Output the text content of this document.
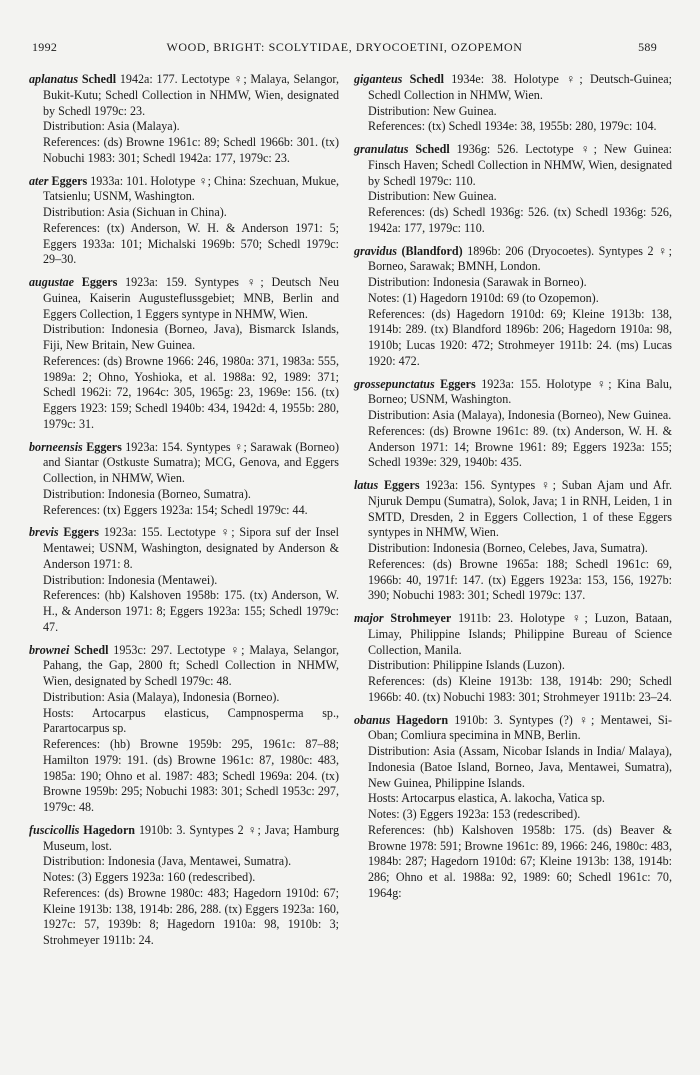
1992	WOOD, BRIGHT: SCOLYTIDAE, DRYOCOETINI, OZOPEMON	589

aplanatus Schedl 1942a: 177. Lectotype ♀; Malaya, Selangor, Bukit-Kutu; Schedl Collection in NHMW, Wien, designated by Schedl 1979c: 23.

Distribution: Asia (Malaya).

References: (ds) Browne 1961c: 89; Schedl 1966b: 301. (tx) Nobuchi 1983: 301; Schedl 1942a: 177, 1979c: 23.

ater Eggers 1933a: 101. Holotype ♀; China: Szechuan, Mukue, Tatsienlu; USNM, Washington.

Distribution: Asia (Sichuan in China).

References: (tx) Anderson, W. H. & Anderson 1971: 5; Eggers 1933a: 101; Michalski 1969b: 570; Schedl 1979c: 29–30.

augustae Eggers 1923a: 159. Syntypes ♀; Deutsch Neu Guinea, Kaiserin Augusteflussgebiet; MNB, Berlin and Eggers Collection, 1 Eggers syntype in NHMW, Wien.

Distribution: Indonesia (Borneo, Java), Bismarck Islands, Fiji, New Britain, New Guinea.

References: (ds) Browne 1966: 246, 1980a: 371, 1983a: 555, 1989a: 2; Ohno, Yoshioka, et al. 1988a: 92, 1989: 371; Schedl 1962i: 72, 1964c: 305, 1965g: 23, 1969e: 156. (tx) Eggers 1923: 159; Schedl 1940b: 434, 1942d: 4, 1955b: 280, 1979c: 31.

borneensis Eggers 1923a: 154. Syntypes ♀; Sarawak (Borneo) and Siantar (Ostkuste Sumatra); MCG, Genova, and Eggers Collection, in NHMW, Wien.

Distribution: Indonesia (Borneo, Sumatra).

References: (tx) Eggers 1923a: 154; Schedl 1979c: 44.

brevis Eggers 1923a: 155. Lectotype ♀; Sipora suf der Insel Mentawei; USNM, Washington, designated by Anderson & Anderson 1971: 8.

Distribution: Indonesia (Mentawei).

References: (hb) Kalshoven 1958b: 175. (tx) Anderson, W. H., & Anderson 1971: 8; Eggers 1923a: 155; Schedl 1979c: 47.

brownei Schedl 1953c: 297. Lectotype ♀; Malaya, Selangor, Pahang, the Gap, 2800 ft; Schedl Collection in NHMW, Wien, designated by Schedl 1979c: 48.

Distribution: Asia (Malaya), Indonesia (Borneo).

Hosts: Artocarpus elasticus, Campnosperma sp., Parartocarpus sp.

References: (hb) Browne 1959b: 295, 1961c: 87–88; Hamilton 1979: 191. (ds) Browne 1961c: 87, 1980c: 483, 1985a: 190; Ohno et al. 1987: 483; Schedl 1969a: 204. (tx) Browne 1959b: 295; Nobuchi 1983: 301; Schedl 1953c: 297, 1979c: 48.

fuscicollis Hagedorn 1910b: 3. Syntypes 2 ♀; Java; Hamburg Museum, lost.

Distribution: Indonesia (Java, Mentawei, Sumatra).

Notes: (3) Eggers 1923a: 160 (redescribed).

References: (ds) Browne 1980c: 483; Hagedorn 1910d: 67; Kleine 1913b: 138, 1914b: 286, 288. (tx) Eggers 1923a: 160, 1927c: 57, 1939b: 8; Hagedorn 1910a: 98, 1910b: 3; Strohmeyer 1911b: 24.

giganteus Schedl 1934e: 38. Holotype ♀; Deutsch-Guinea; Schedl Collection in NHMW, Wien.

Distribution: New Guinea.

References: (tx) Schedl 1934e: 38, 1955b: 280, 1979c: 104.

granulatus Schedl 1936g: 526. Lectotype ♀; New Guinea: Finsch Haven; Schedl Collection in NHMW, Wien, designated by Schedl 1979c: 110.

Distribution: New Guinea.

References: (ds) Schedl 1936g: 526. (tx) Schedl 1936g: 526, 1942a: 177, 1979c: 110.

gravidus (Blandford) 1896b: 206 (Dryocoetes). Syntypes 2 ♀; Borneo, Sarawak; BMNH, London.

Distribution: Indonesia (Sarawak in Borneo).

Notes: (1) Hagedorn 1910d: 69 (to Ozopemon).

References: (ds) Hagedorn 1910d: 69; Kleine 1913b: 138, 1914b: 289. (tx) Blandford 1896b: 206; Hagedorn 1910a: 98, 1910b; Lucas 1920: 472; Strohmeyer 1911b: 24. (ms) Lucas 1920: 472.

grossepunctatus Eggers 1923a: 155. Holotype ♀; Kina Balu, Borneo; USNM, Washington.

Distribution: Asia (Malaya), Indonesia (Borneo), New Guinea.

References: (ds) Browne 1961c: 89. (tx) Anderson, W. H. & Anderson 1971: 14; Browne 1961: 89; Eggers 1923a: 155; Schedl 1939e: 329, 1940b: 435.

latus Eggers 1923a: 156. Syntypes ♀; Suban Ajam und Afr. Njuruk Dempu (Sumatra), Solok, Java; 1 in RNH, Leiden, 1 in SMTD, Dresden, 2 in Eggers Collection, 1 of these Eggers syntypes in NHMW, Wien.

Distribution: Indonesia (Borneo, Celebes, Java, Sumatra).

References: (ds) Browne 1965a: 188; Schedl 1961c: 69, 1966b: 40, 1971f: 147. (tx) Eggers 1923a: 153, 156, 1927b: 390; Nobuchi 1983: 301; Schedl 1979c: 137.

major Strohmeyer 1911b: 23. Holotype ♀; Luzon, Bataan, Limay, Philippine Islands; Philippine Bureau of Science Collection, Manila.

Distribution: Philippine Islands (Luzon).

References: (ds) Kleine 1913b: 138, 1914b: 290; Schedl 1966b: 40. (tx) Nobuchi 1983: 301; Strohmeyer 1911b: 23–24.

obanus Hagedorn 1910b: 3. Syntypes (?) ♀; Mentawei, Si-Oban; Comliura specimina in MNB, Berlin.

Distribution: Asia (Assam, Nicobar Islands in India/ Malaya), Indonesia (Batoe Island, Borneo, Java, Mentawei, Sumatra), New Guinea, Philippine Islands.

Hosts: Artocarpus elastica, A. lakocha, Vatica sp.

Notes: (3) Eggers 1923a: 153 (redescribed).

References: (hb) Kalshoven 1958b: 175. (ds) Beaver & Browne 1978: 591; Browne 1961c: 89, 1966: 246, 1980c: 483, 1984b: 287; Hagedorn 1910d: 67; Kleine 1913b: 138, 1914b: 286; Ohno et al. 1988a: 92, 1989: 60; Schedl 1961c: 70, 1964g:
